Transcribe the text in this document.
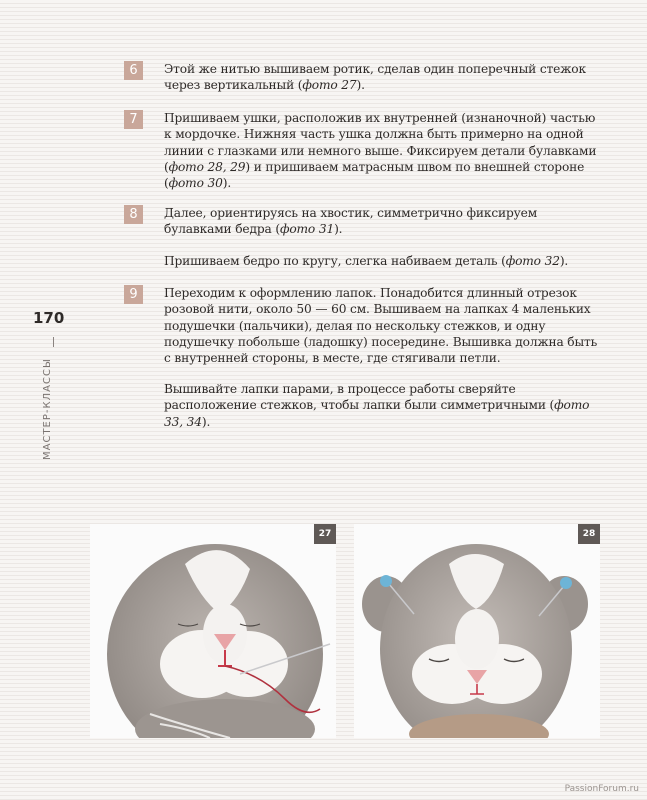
170
МАСТЕР-КЛАССЫ
6	Этой же нитью вышиваем ротик, сделав один поперечный стежок через вертикальный (фото 27).

7	Пришиваем ушки, расположив их внутренней (изнаночной) частью к мордочке. Нижняя часть ушка должна быть примерно на одной линии с глазками или немного выше. Фиксируем детали булавками (фото 28, 29) и пришиваем матрасным швом по внешней стороне (фото 30).

8	Далее, ориентируясь на хвостик, симметрично фиксируем булавками бедра (фото 31).

Пришиваем бедро по кругу, слегка набиваем деталь (фото 32).

9	Переходим к оформлению лапок. Понадобится длинный отрезок розовой нити, около 50 — 60 см. Вышиваем на лапках 4 маленьких подушечки (пальчики), делая по нескольку стежков, и одну подушечку побольше (ладошку) посередине. Вышивка должна быть с внутренней стороны, в месте, где стягивали петли.

Вышивайте лапки парами, в процессе работы сверяйте расположение стежков, чтобы лапки были симметричными (фото 33, 34).

27	28
PassionForum.ru
